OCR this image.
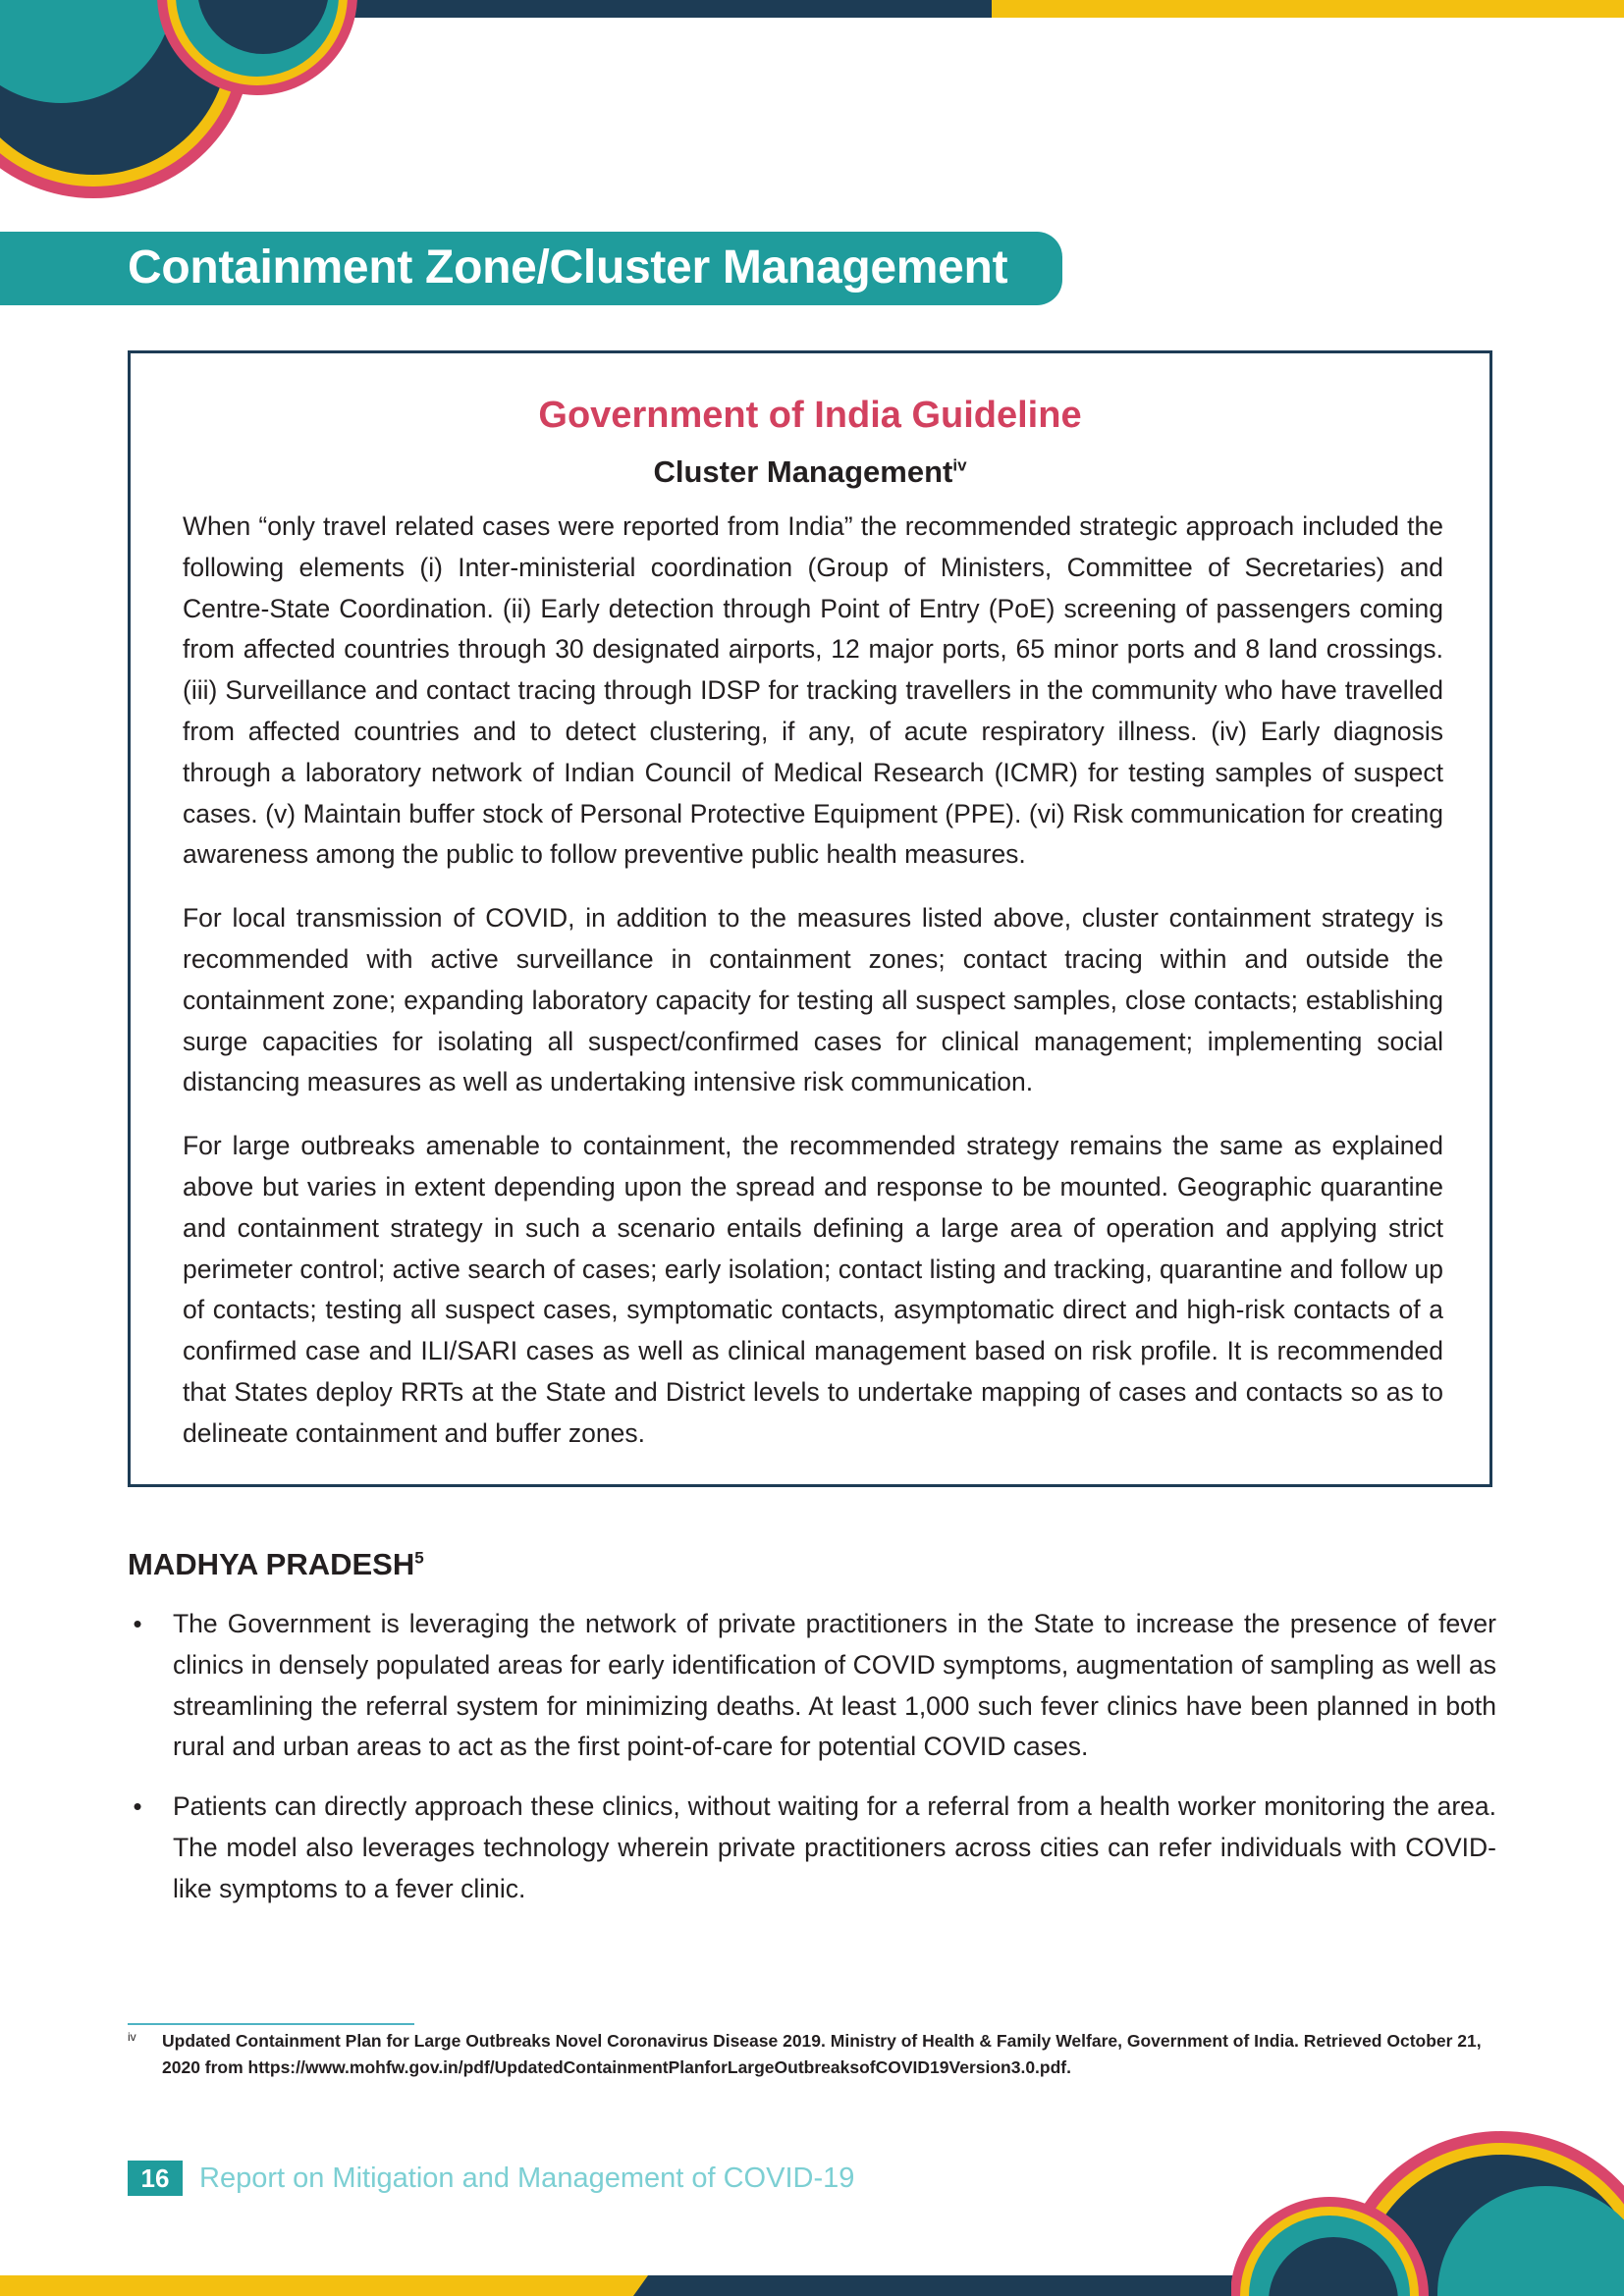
Containment Zone/Cluster Management
Government of India Guideline
Cluster Management$^{iv}$

When “only travel related cases were reported from India” the recommended strategic approach included the following elements (i) Inter-ministerial coordination (Group of Ministers, Committee of Secretaries) and Centre-State Coordination. (ii) Early detection through Point of Entry (PoE) screening of passengers coming from affected countries through 30 designated airports, 12 major ports, 65 minor ports and 8 land crossings. (iii) Surveillance and contact tracing through IDSP for tracking travellers in the community who have travelled from affected countries and to detect clustering, if any, of acute respiratory illness. (iv) Early diagnosis through a laboratory network of Indian Council of Medical Research (ICMR) for testing samples of suspect cases. (v) Maintain buffer stock of Personal Protective Equipment (PPE). (vi) Risk communication for creating awareness among the public to follow preventive public health measures.

For local transmission of COVID, in addition to the measures listed above, cluster containment strategy is recommended with active surveillance in containment zones; contact tracing within and outside the containment zone; expanding laboratory capacity for testing all suspect samples, close contacts; establishing surge capacities for isolating all suspect/confirmed cases for clinical management; implementing social distancing measures as well as undertaking intensive risk communication.

For large outbreaks amenable to containment, the recommended strategy remains the same as explained above but varies in extent depending upon the spread and response to be mounted. Geographic quarantine and containment strategy in such a scenario entails defining a large area of operation and applying strict perimeter control; active search of cases; early isolation; contact listing and tracking, quarantine and follow up of contacts; testing all suspect cases, symptomatic contacts, asymptomatic direct and high-risk contacts of a confirmed case and ILI/SARI cases as well as clinical management based on risk profile. It is recommended that States deploy RRTs at the State and District levels to undertake mapping of cases and contacts so as to delineate containment and buffer zones.

MADHYA PRADESH$^5$
• The Government is leveraging the network of private practitioners in the State to increase the presence of fever clinics in densely populated areas for early identification of COVID symptoms, augmentation of sampling as well as streamlining the referral system for minimizing deaths. At least 1,000 such fever clinics have been planned in both rural and urban areas to act as the first point-of-care for potential COVID cases.
• Patients can directly approach these clinics, without waiting for a referral from a health worker monitoring the area. The model also leverages technology wherein private practitioners across cities can refer individuals with COVID-like symptoms to a fever clinic.
iv Updated Containment Plan for Large Outbreaks Novel Coronavirus Disease 2019. Ministry of Health & Family Welfare, Government of India. Retrieved October 21, 2020 from https://www.mohfw.gov.in/pdf/UpdatedContainmentPlanforLargeOutbreaksofCOVID19Version3.0.pdf.

16	Report on Mitigation and Management of COVID-19
